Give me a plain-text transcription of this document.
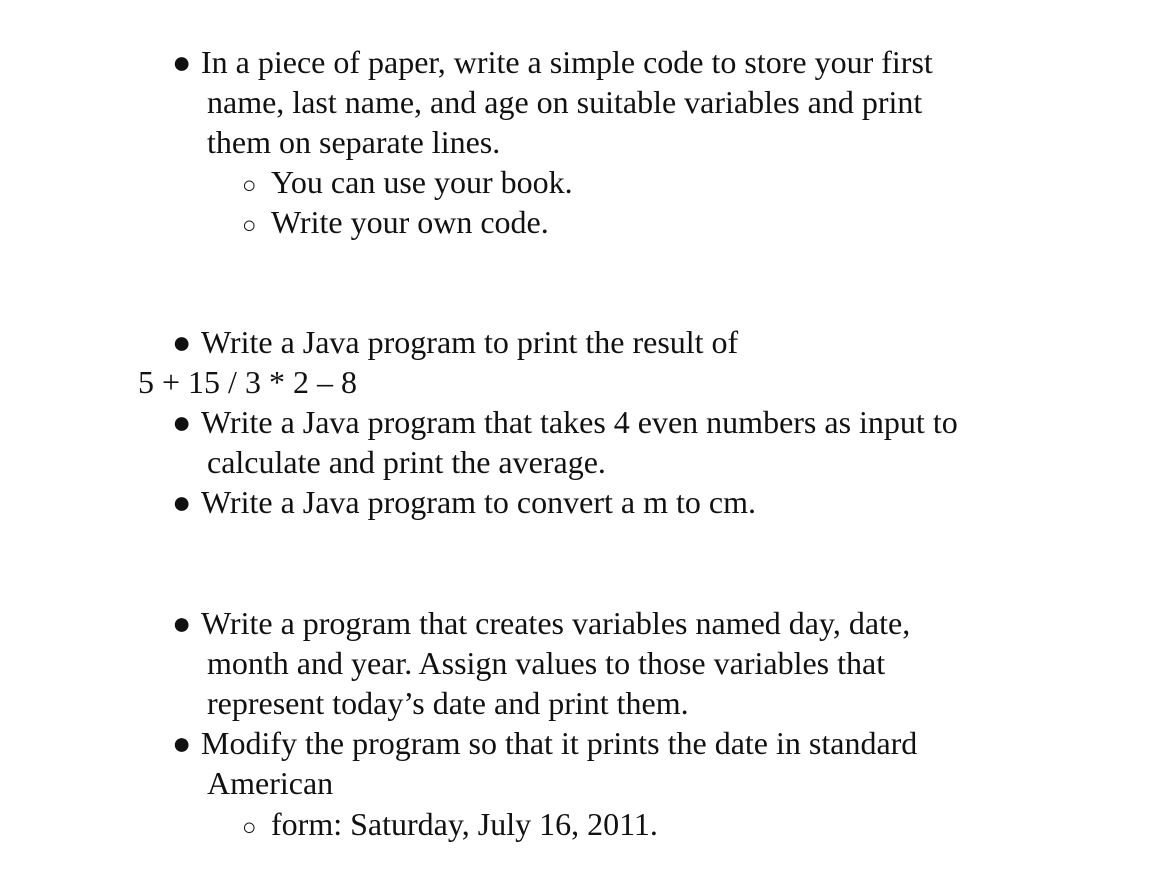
● In a piece of paper, write a simple code to store your first
name, last name, and age on suitable variables and print
them on separate lines.
○ You can use your book.
○ Write your own code.
● Write a Java program to print the result of
5 + 15 / 3 * 2 – 8
● Write a Java program that takes 4 even numbers as input to
calculate and print the average.
● Write a Java program to convert a m to cm.
● Write a program that creates variables named day, date,
month and year. Assign values to those variables that
represent today’s date and print them.
● Modify the program so that it prints the date in standard
American
○ form: Saturday, July 16, 2011.
